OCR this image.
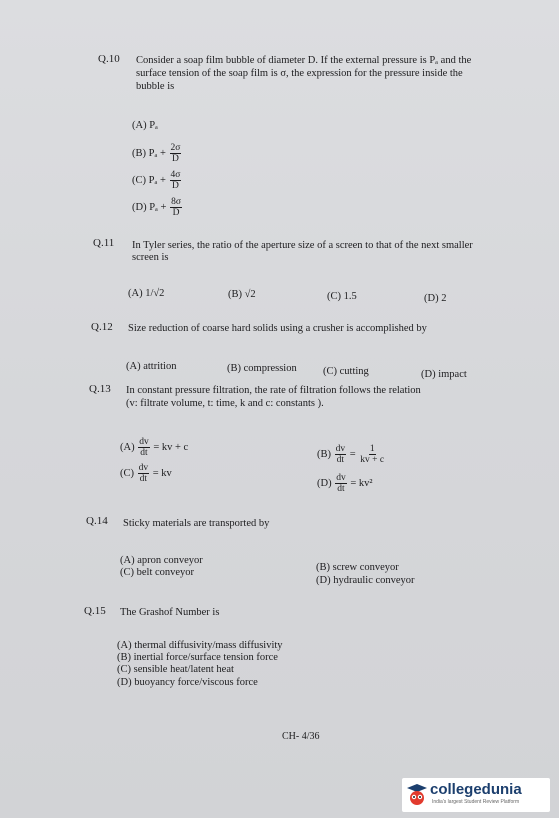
Q.10 Consider a soap film bubble of diameter D. If the external pressure is Pₐ and the
surface tension of the soap film is σ, the expression for the pressure inside the
bubble is
(A) Pₐ
(B) $P_a + \frac{2\sigma}{D}$
(C) $P_a + \frac{4\sigma}{D}$
(D) $P_a + \frac{8\sigma}{D}$
Q.11 In Tyler series, the ratio of the aperture size of a screen to that of the next smaller
screen is
(A) 1/√2	(B) √2	(C) 1.5	(D) 2
Q.12 Size reduction of coarse hard solids using a crusher is accomplished by
(A) attrition	(B) compression	(C) cutting	(D) impact
Q.13 In constant pressure filtration, the rate of filtration follows the relation
(v: filtrate volume, t: time, k and c: constants ).
$(A) \frac{dv}{dt}$ = kv + c
$(B) \frac{dv}{dt} = \frac{1}{kv + c}$
$(C) \frac{dv}{dt}$ = kv
$(D) \frac{dv}{dt} = kv^2$
Q.14 Sticky materials are transported by
(A) apron conveyor
(C) belt conveyor	(B) screw conveyor
(D) hydraulic conveyor
Q.15 The Grashof Number is
(A) thermal diffusivity/mass diffusivity
(B) inertial force/surface tension force
(C) sensible heat/latent heat
(D) buoyancy force/viscous force
CH- 4/36
collegedunia
India's largest Student Review Platform
